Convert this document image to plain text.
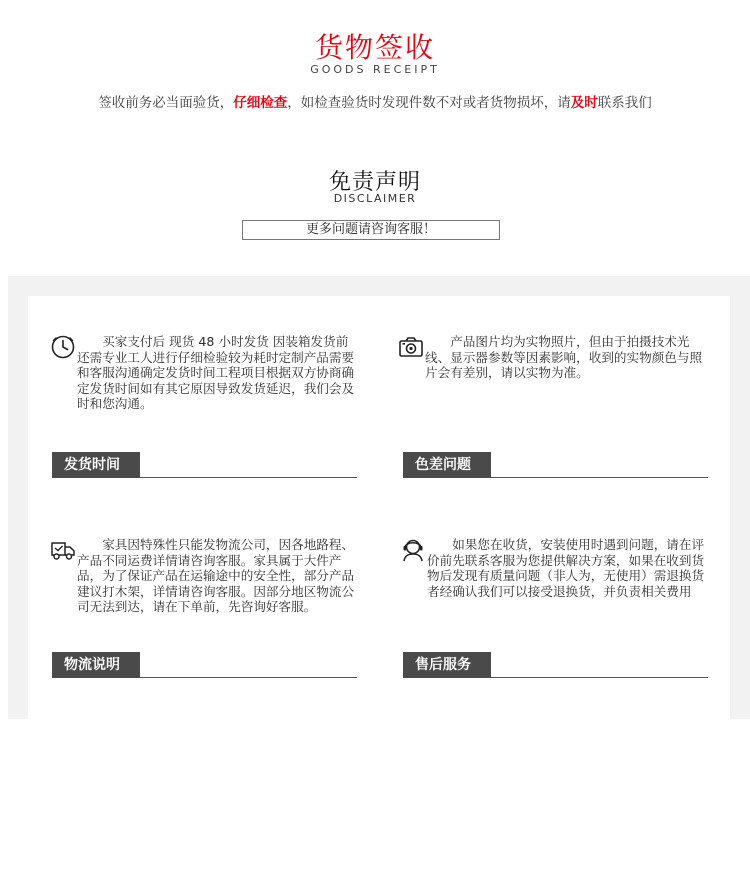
货物签收
GOODS RECEIPT
签收前务必当面验货，仔细检查，如检查验货时发现件数不对或者货物损坏，请及时联系我们
免责声明
DISCLAIMER
更多问题请咨询客服！
买家支付后 现货 48 小时发货 因装箱发货前还需专业工人进行仔细检验较为耗时定制产品需要和客服沟通确定发货时间工程项目根据双方协商确定发货时间如有其它原因导致发货延迟，我们会及时和您沟通。
发货时间
产品图片均为实物照片，但由于拍摄技术光线、显示器参数等因素影响，收到的实物颜色与照片会有差别，请以实物为准。
色差问题
家具因特殊性只能发物流公司，因各地路程、产品不同运费详情请咨询客服。家具属于大件产品，为了保证产品在运输途中的安全性，部分产品建议打木架，详情请咨询客服。因部分地区物流公司无法到达，请在下单前，先咨询好客服。
物流说明
如果您在收货，安装使用时遇到问题，请在评价前先联系客服为您提供解决方案，如果在收到货物后发现有质量问题（非人为，无使用）需退换货者经确认我们可以接受退换货，并负责相关费用
售后服务
